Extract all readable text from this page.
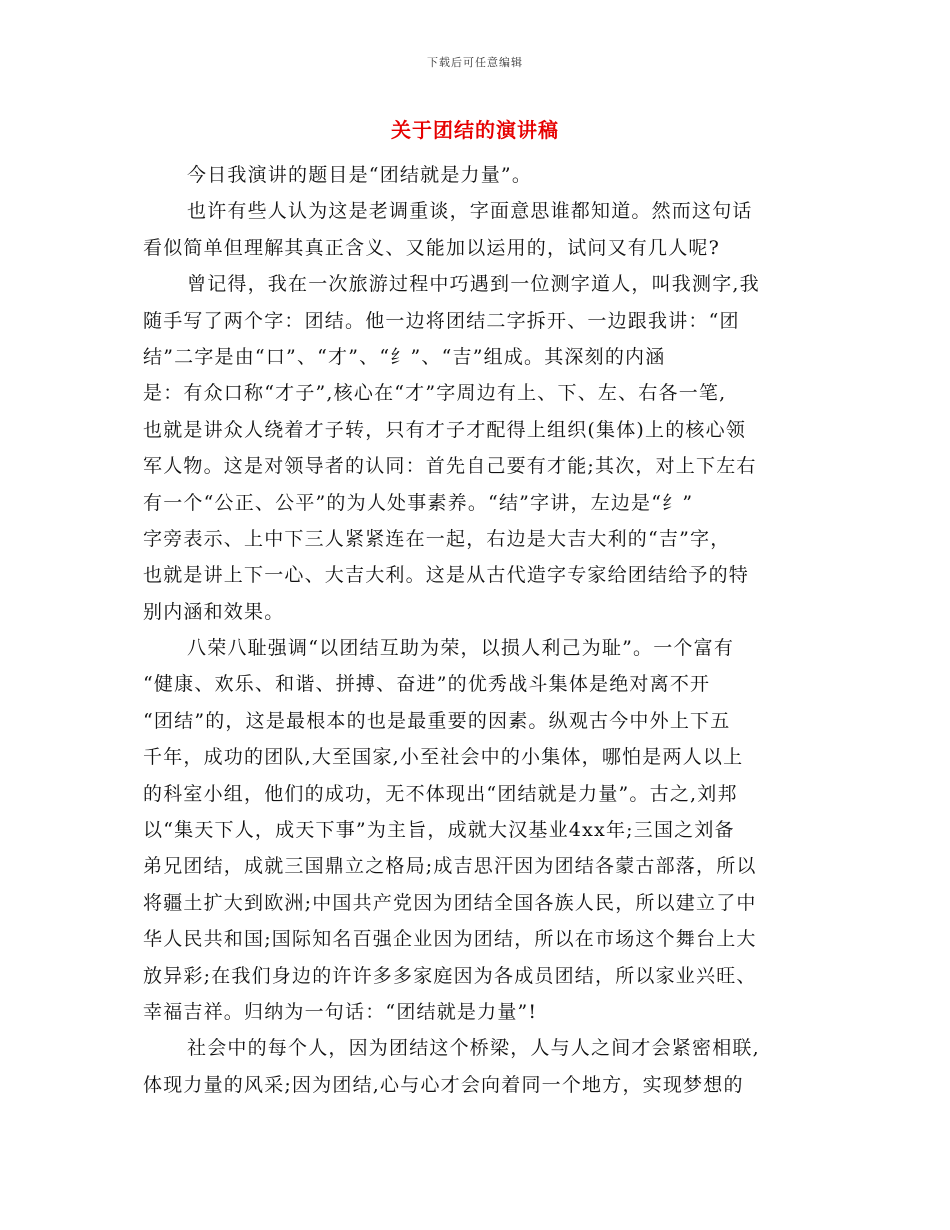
下载后可任意编辑
关于团结的演讲稿
今日我演讲的题目是“团结就是力量”。
也许有些人认为这是老调重谈，字面意思谁都知道。然而这句话
看似简单但理解其真正含义、又能加以运用的，试问又有几人呢?
曾记得，我在一次旅游过程中巧遇到一位测字道人，叫我测字,我
随手写了两个字：团结。他一边将团结二字拆开、一边跟我讲：“团
结”二字是由“口”、“才”、“纟”、“吉”组成。其深刻的内涵
是：有众口称“才子”,核心在“才”字周边有上、下、左、右各一笔,
也就是讲众人绕着才子转，只有才子才配得上组织(集体)上的核心领
军人物。这是对领导者的认同：首先自己要有才能;其次，对上下左右
有一个“公正、公平”的为人处事素养。“结”字讲，左边是“纟”
字旁表示、上中下三人紧紧连在一起，右边是大吉大利的“吉”字，
也就是讲上下一心、大吉大利。这是从古代造字专家给团结给予的特
别内涵和效果。
八荣八耻强调“以团结互助为荣，以损人利己为耻”。一个富有
“健康、欢乐、和谐、拼搏、奋进”的优秀战斗集体是绝对离不开
“团结”的，这是最根本的也是最重要的因素。纵观古今中外上下五
千年，成功的团队,大至国家,小至社会中的小集体，哪怕是两人以上
的科室小组，他们的成功，无不体现出“团结就是力量”。古之,刘邦
以“集天下人，成天下事”为主旨，成就大汉基业4xx年;三国之刘备
弟兄团结，成就三国鼎立之格局;成吉思汗因为团结各蒙古部落，所以
将疆土扩大到欧洲;中国共产党因为团结全国各族人民，所以建立了中
华人民共和国;国际知名百强企业因为团结，所以在市场这个舞台上大
放异彩;在我们身边的许许多多家庭因为各成员团结，所以家业兴旺、
幸福吉祥。归纳为一句话：“团结就是力量”!
社会中的每个人，因为团结这个桥梁，人与人之间才会紧密相联,
体现力量的风采;因为团结,心与心才会向着同一个地方，实现梦想的
